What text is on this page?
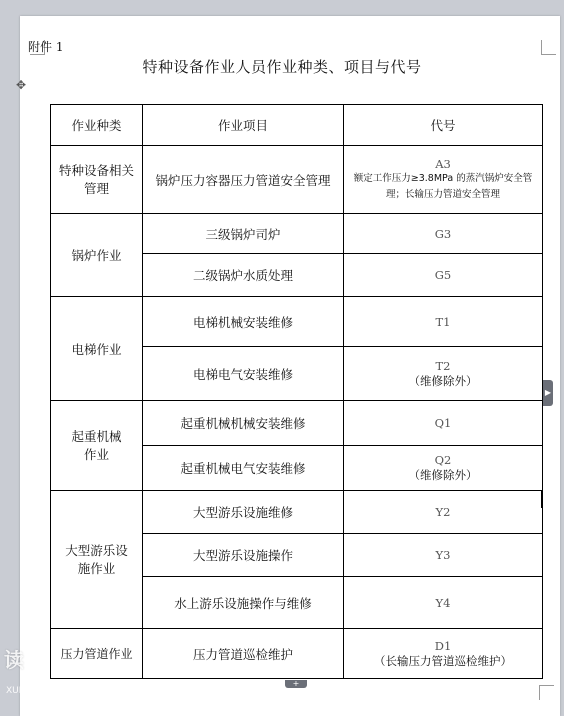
附件 1
特种设备作业人员作业种类、项目与代号
✥
作业种类	作业项目	代号
特种设备相关管理	锅炉压力容器压力管道安全管理	A3
额定工作压力≥3.8MPa 的蒸汽锅炉安全管理；长输压力管道安全管理

锅炉作业	三级锅炉司炉	G3
	二级锅炉水质处理	G5
电梯作业	电梯机械安装维修	T1
	电梯电气安装维修	T2
（维修除外）

起重机械作业	起重机械机械安装维修	Q1
	起重机械电气安装维修	Q2
（维修除外）

大型游乐设施作业	大型游乐设施维修	Y2
	大型游乐设施操作	Y3
	水上游乐设施操作与维修	Y4
压力管道作业	压力管道巡检维护	D1
（长输压力管道巡检维护）
▶
+
读
XUE...COM
